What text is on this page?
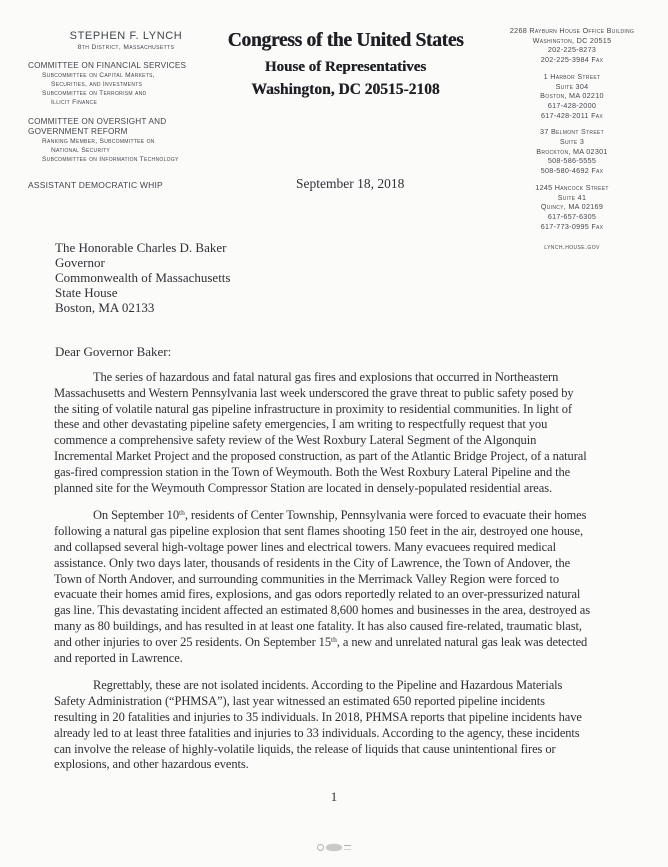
STEPHEN F. LYNCH
8th District, Massachusetts
COMMITTEE ON FINANCIAL SERVICES
Subcommittee on Capital Markets,
Securities, and Investments
Subcommittee on Terrorism and
Illicit Finance
COMMITTEE ON OVERSIGHT AND GOVERNMENT REFORM
Ranking Member, Subcommittee on
National Security
Subcommittee on Information Technology
ASSISTANT DEMOCRATIC WHIP
Congress of the United States
House of Representatives
Washington, DC 20515-2108
2268 Rayburn House Office Building
Washington, DC 20515
202-225-8273
202-225-3984 Fax
1 Harbor Street
Suite 304
Boston, MA 02210
617-428-2000
617-428-2011 Fax
37 Belmont Street
Suite 3
Brockton, MA 02301
508-586-5555
508-580-4692 Fax
1245 Hancock Street
Suite 41
Quincy, MA 02169
617-657-6305
617-773-0995 Fax
lynch.house.gov
September 18, 2018
The Honorable Charles D. Baker
Governor
Commonwealth of Massachusetts
State House
Boston, MA 02133
Dear Governor Baker:
The series of hazardous and fatal natural gas fires and explosions that occurred in Northeastern
Massachusetts and Western Pennsylvania last week underscored the grave threat to public safety posed by
the siting of volatile natural gas pipeline infrastructure in proximity to residential communities. In light of
these and other devastating pipeline safety emergencies, I am writing to respectfully request that you
commence a comprehensive safety review of the West Roxbury Lateral Segment of the Algonquin
Incremental Market Project and the proposed construction, as part of the Atlantic Bridge Project, of a natural
gas-fired compression station in the Town of Weymouth. Both the West Roxbury Lateral Pipeline and the
planned site for the Weymouth Compressor Station are located in densely-populated residential areas.
On September 10th, residents of Center Township, Pennsylvania were forced to evacuate their homes
following a natural gas pipeline explosion that sent flames shooting 150 feet in the air, destroyed one house,
and collapsed several high-voltage power lines and electrical towers. Many evacuees required medical
assistance. Only two days later, thousands of residents in the City of Lawrence, the Town of Andover, the
Town of North Andover, and surrounding communities in the Merrimack Valley Region were forced to
evacuate their homes amid fires, explosions, and gas odors reportedly related to an over-pressurized natural
gas line. This devastating incident affected an estimated 8,600 homes and businesses in the area, destroyed as
many as 80 buildings, and has resulted in at least one fatality. It has also caused fire-related, traumatic blast,
and other injuries to over 25 residents. On September 15th, a new and unrelated natural gas leak was detected
and reported in Lawrence.
Regrettably, these are not isolated incidents. According to the Pipeline and Hazardous Materials
Safety Administration (“PHMSA”), last year witnessed an estimated 650 reported pipeline incidents
resulting in 20 fatalities and injuries to 35 individuals. In 2018, PHMSA reports that pipeline incidents have
already led to at least three fatalities and injuries to 33 individuals. According to the agency, these incidents
can involve the release of highly-volatile liquids, the release of liquids that cause unintentional fires or
explosions, and other hazardous events.
1
